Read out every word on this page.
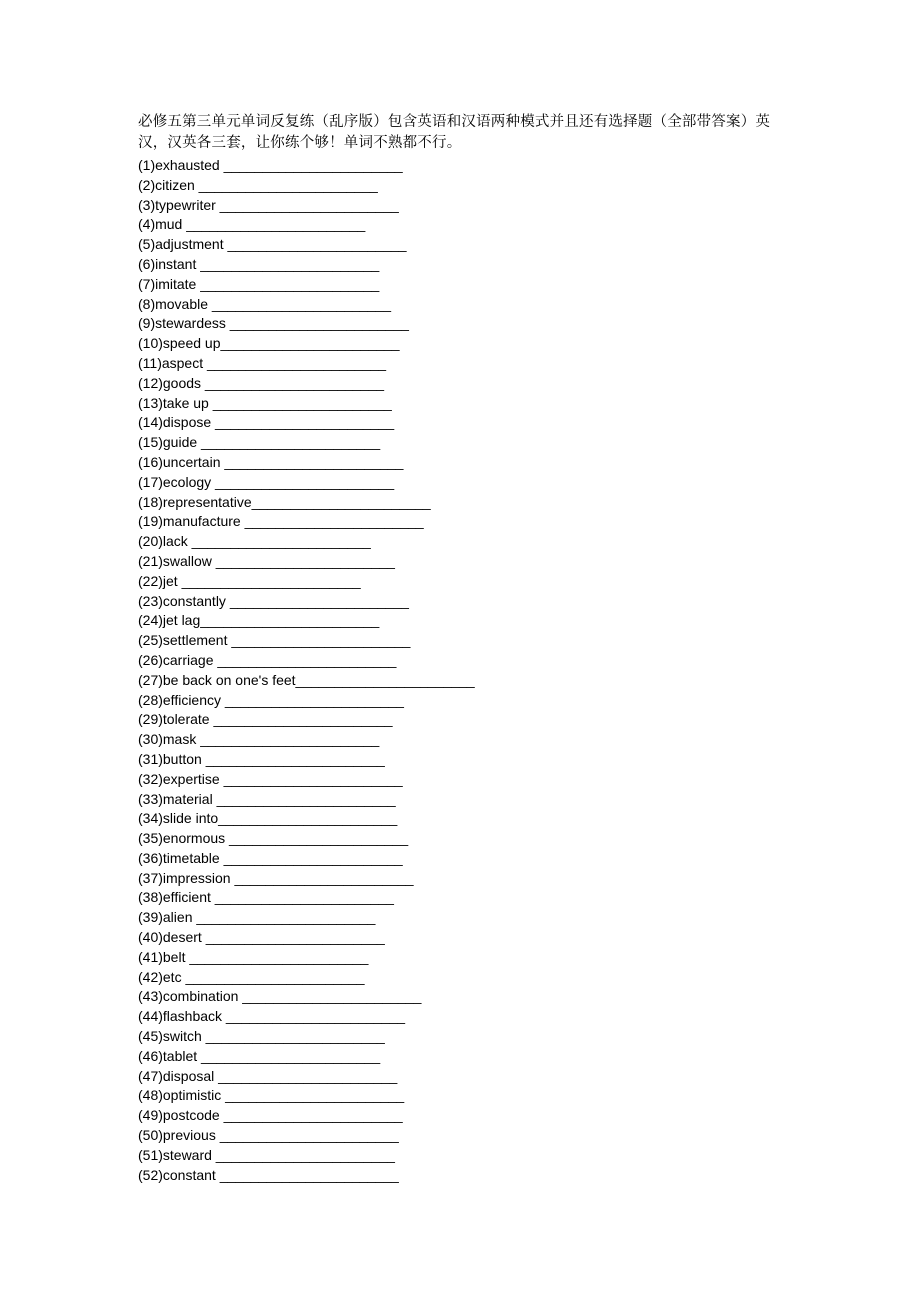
必修五第三单元单词反复练（乱序版）包含英语和汉语两种模式并且还有选择题（全部带答案）英汉，汉英各三套，让你练个够！单词不熟都不行。

(1)exhausted _______________________
(2)citizen _______________________
(3)typewriter _______________________
(4)mud _______________________
(5)adjustment _______________________
(6)instant _______________________
(7)imitate _______________________
(8)movable _______________________
(9)stewardess _______________________
(10)speed up_______________________
(11)aspect _______________________
(12)goods _______________________
(13)take up _______________________
(14)dispose _______________________
(15)guide _______________________
(16)uncertain _______________________
(17)ecology _______________________
(18)representative_______________________
(19)manufacture _______________________
(20)lack _______________________
(21)swallow _______________________
(22)jet _______________________
(23)constantly _______________________
(24)jet lag_______________________
(25)settlement _______________________
(26)carriage _______________________
(27)be back on one's feet_______________________
(28)efficiency _______________________
(29)tolerate _______________________
(30)mask _______________________
(31)button _______________________
(32)expertise _______________________
(33)material _______________________
(34)slide into_______________________
(35)enormous _______________________
(36)timetable _______________________
(37)impression _______________________
(38)efficient _______________________
(39)alien _______________________
(40)desert _______________________
(41)belt _______________________
(42)etc _______________________
(43)combination _______________________
(44)flashback _______________________
(45)switch _______________________
(46)tablet _______________________
(47)disposal _______________________
(48)optimistic _______________________
(49)postcode _______________________
(50)previous _______________________
(51)steward _______________________
(52)constant _______________________
